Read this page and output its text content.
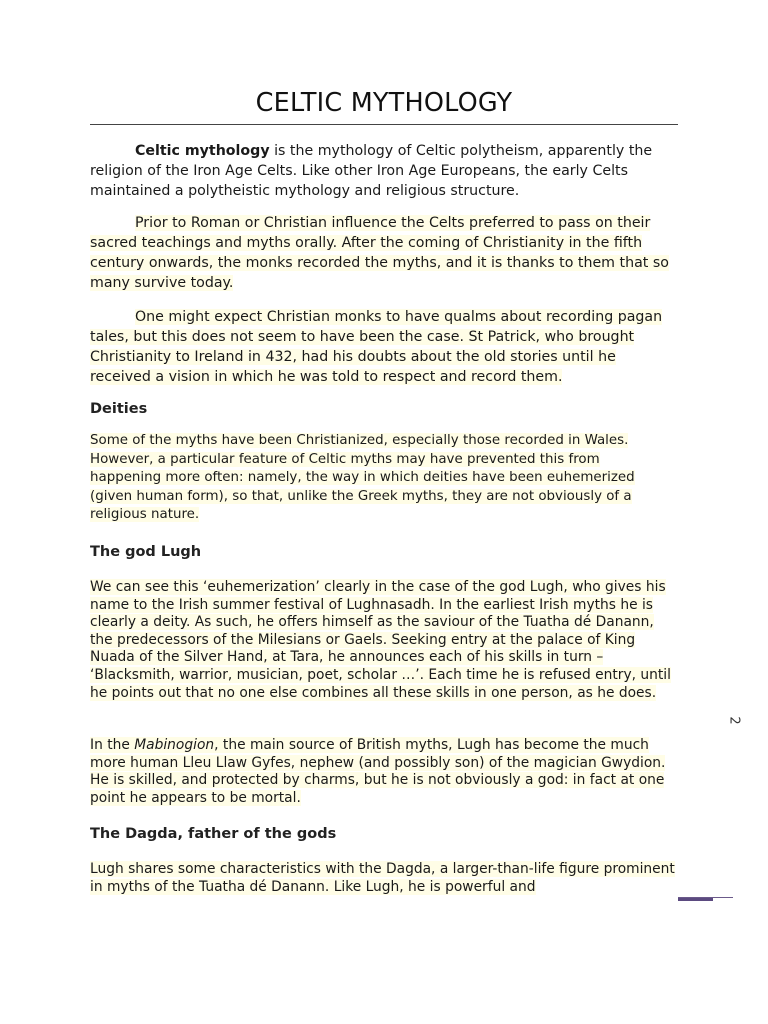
CELTIC MYTHOLOGY

Celtic mythology is the mythology of Celtic polytheism, apparently the religion of the Iron Age Celts. Like other Iron Age Europeans, the early Celts maintained a polytheistic mythology and religious structure.

Prior to Roman or Christian influence the Celts preferred to pass on their sacred teachings and myths orally. After the coming of Christianity in the fifth century onwards, the monks recorded the myths, and it is thanks to them that so many survive today.

One might expect Christian monks to have qualms about recording pagan tales, but this does not seem to have been the case. St Patrick, who brought Christianity to Ireland in 432, had his doubts about the old stories until he received a vision in which he was told to respect and record them.

Deities

Some of the myths have been Christianized, especially those recorded in Wales. However, a particular feature of Celtic myths may have prevented this from happening more often: namely, the way in which deities have been euhemerized (given human form), so that, unlike the Greek myths, they are not obviously of a religious nature.

The god Lugh

We can see this ‘euhemerization’ clearly in the case of the god Lugh, who gives his name to the Irish summer festival of Lughnasadh. In the earliest Irish myths he is clearly a deity. As such, he offers himself as the saviour of the Tuatha dé Danann, the predecessors of the Milesians or Gaels. Seeking entry at the palace of King Nuada of the Silver Hand, at Tara, he announces each of his skills in turn – ‘Blacksmith, warrior, musician, poet, scholar …’. Each time he is refused entry, until he points out that no one else combines all these skills in one person, as he does.

In the Mabinogion, the main source of British myths, Lugh has become the much more human Lleu Llaw Gyfes, nephew (and possibly son) of the magician Gwydion. He is skilled, and protected by charms, but he is not obviously a god: in fact at one point he appears to be mortal.

The Dagda, father of the gods

Lugh shares some characteristics with the Dagda, a larger-than-life figure prominent in myths of the Tuatha dé Danann. Like Lugh, he is powerful and

2
